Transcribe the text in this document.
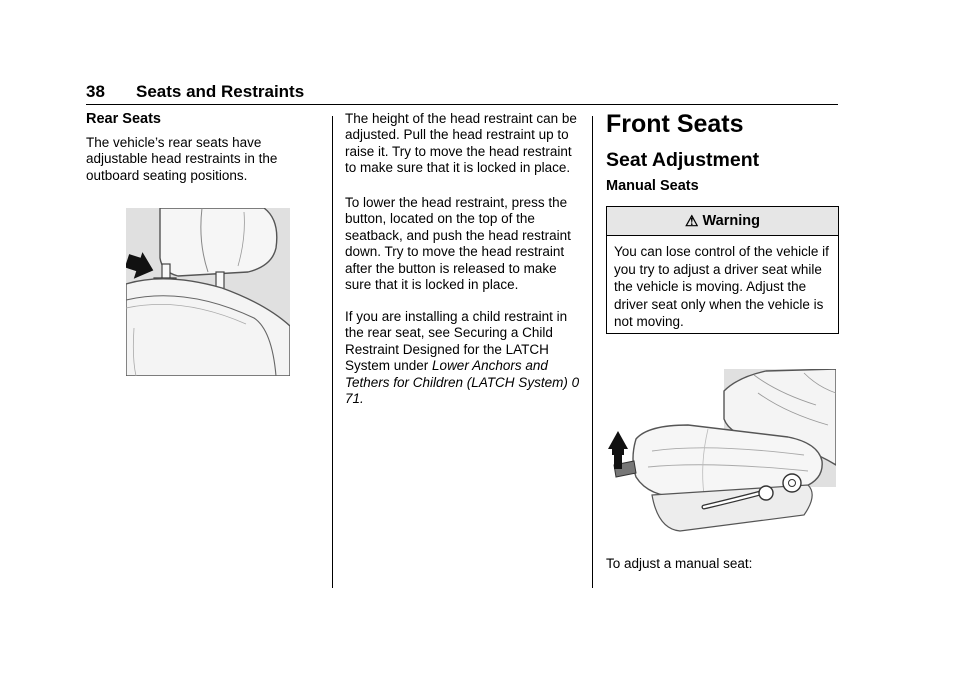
38 Seats and Restraints
Rear Seats

The vehicle’s rear seats have adjustable head restraints in the outboard seating positions.

The height of the head restraint can be adjusted. Pull the head restraint up to raise it. Try to move the head restraint to make sure that it is locked in place.

To lower the head restraint, press the button, located on the top of the seatback, and push the head restraint down. Try to move the head restraint after the button is released to make sure that it is locked in place.

If you are installing a child restraint in the rear seat, see Securing a Child Restraint Designed for the LATCH System under Lower Anchors and Tethers for Children (LATCH System) 0 71.

Front Seats
Seat Adjustment
Manual Seats
⚠ Warning
You can lose control of the vehicle if you try to adjust a driver seat while the vehicle is moving. Adjust the driver seat only when the vehicle is not moving.
To adjust a manual seat:
